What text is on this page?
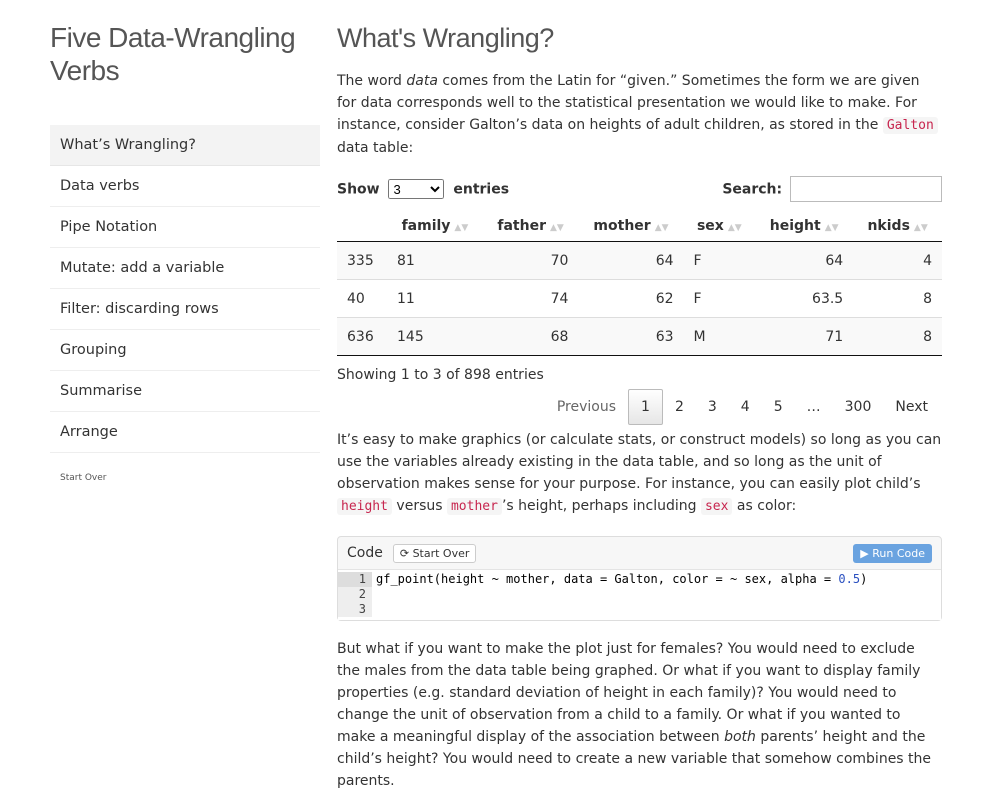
Five Data-Wrangling Verbs
What’s Wrangling?
Data verbs
Pipe Notation
Mutate: add a variable
Filter: discarding rows
Grouping
Summarise
Arrange
Start Over
What's Wrangling?

The word data comes from the Latin for “given.” Sometimes the form we are given for data corresponds well to the statistical presentation we would like to make. For instance, consider Galton’s data on heights of adult children, as stored in the Galton data table:

Show
3	entries	Search:
	family ▲▼	father ▲▼	mother ▲▼	sex ▲▼	height ▲▼	nkids ▲▼
335	81	70	64	F	64	4
40	11	74	62	F	63.5	8
636	145	68	63	M	71	8
Showing 1 to 3 of 898 entries
Previous	1	2	3	4	5	…	300	Next

It’s easy to make graphics (or calculate stats, or construct models) so long as you can use the variables already existing in the data table, and so long as the unit of observation makes sense for your purpose. For instance, you can easily plot child’s height versus mother ’s height, perhaps including sex as color:

Code	⟳ Start Over	▶ Run Code
1 gf_point(height ~ mother, data = Galton, color = ~ sex, alpha = 0.5)
2
3

But what if you want to make the plot just for females? You would need to exclude the males from the data table being graphed. Or what if you want to display family properties (e.g. standard deviation of height in each family)? You would need to change the unit of observation from a child to a family. Or what if you wanted to make a meaningful display of the association between both parents’ height and the child’s height? You would need to create a new variable that somehow combines the parents.
